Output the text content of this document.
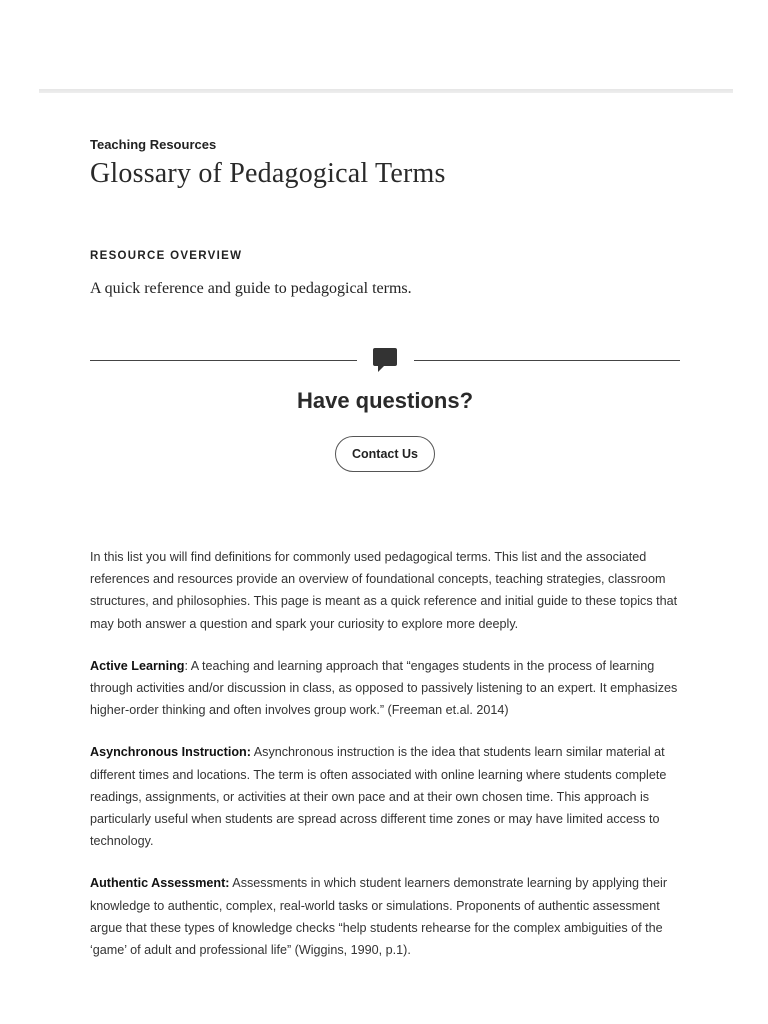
Teaching Resources
Glossary of Pedagogical Terms
RESOURCE OVERVIEW
A quick reference and guide to pedagogical terms.
Have questions?
Contact Us

In this list you will find definitions for commonly used pedagogical terms. This list and the associated references and resources provide an overview of foundational concepts, teaching strategies, classroom structures, and philosophies. This page is meant as a quick reference and initial guide to these topics that may both answer a question and spark your curiosity to explore more deeply.

Active Learning: A teaching and learning approach that “engages students in the process of learning through activities and/or discussion in class, as opposed to passively listening to an expert. It emphasizes higher-order thinking and often involves group work.” (Freeman et.al. 2014)

Asynchronous Instruction: Asynchronous instruction is the idea that students learn similar material at different times and locations. The term is often associated with online learning where students complete readings, assignments, or activities at their own pace and at their own chosen time. This approach is particularly useful when students are spread across different time zones or may have limited access to technology.

Authentic Assessment: Assessments in which student learners demonstrate learning by applying their knowledge to authentic, complex, real-world tasks or simulations. Proponents of authentic assessment argue that these types of knowledge checks “help students rehearse for the complex ambiguities of the ‘game’ of adult and professional life” (Wiggins, 1990, p.1).
